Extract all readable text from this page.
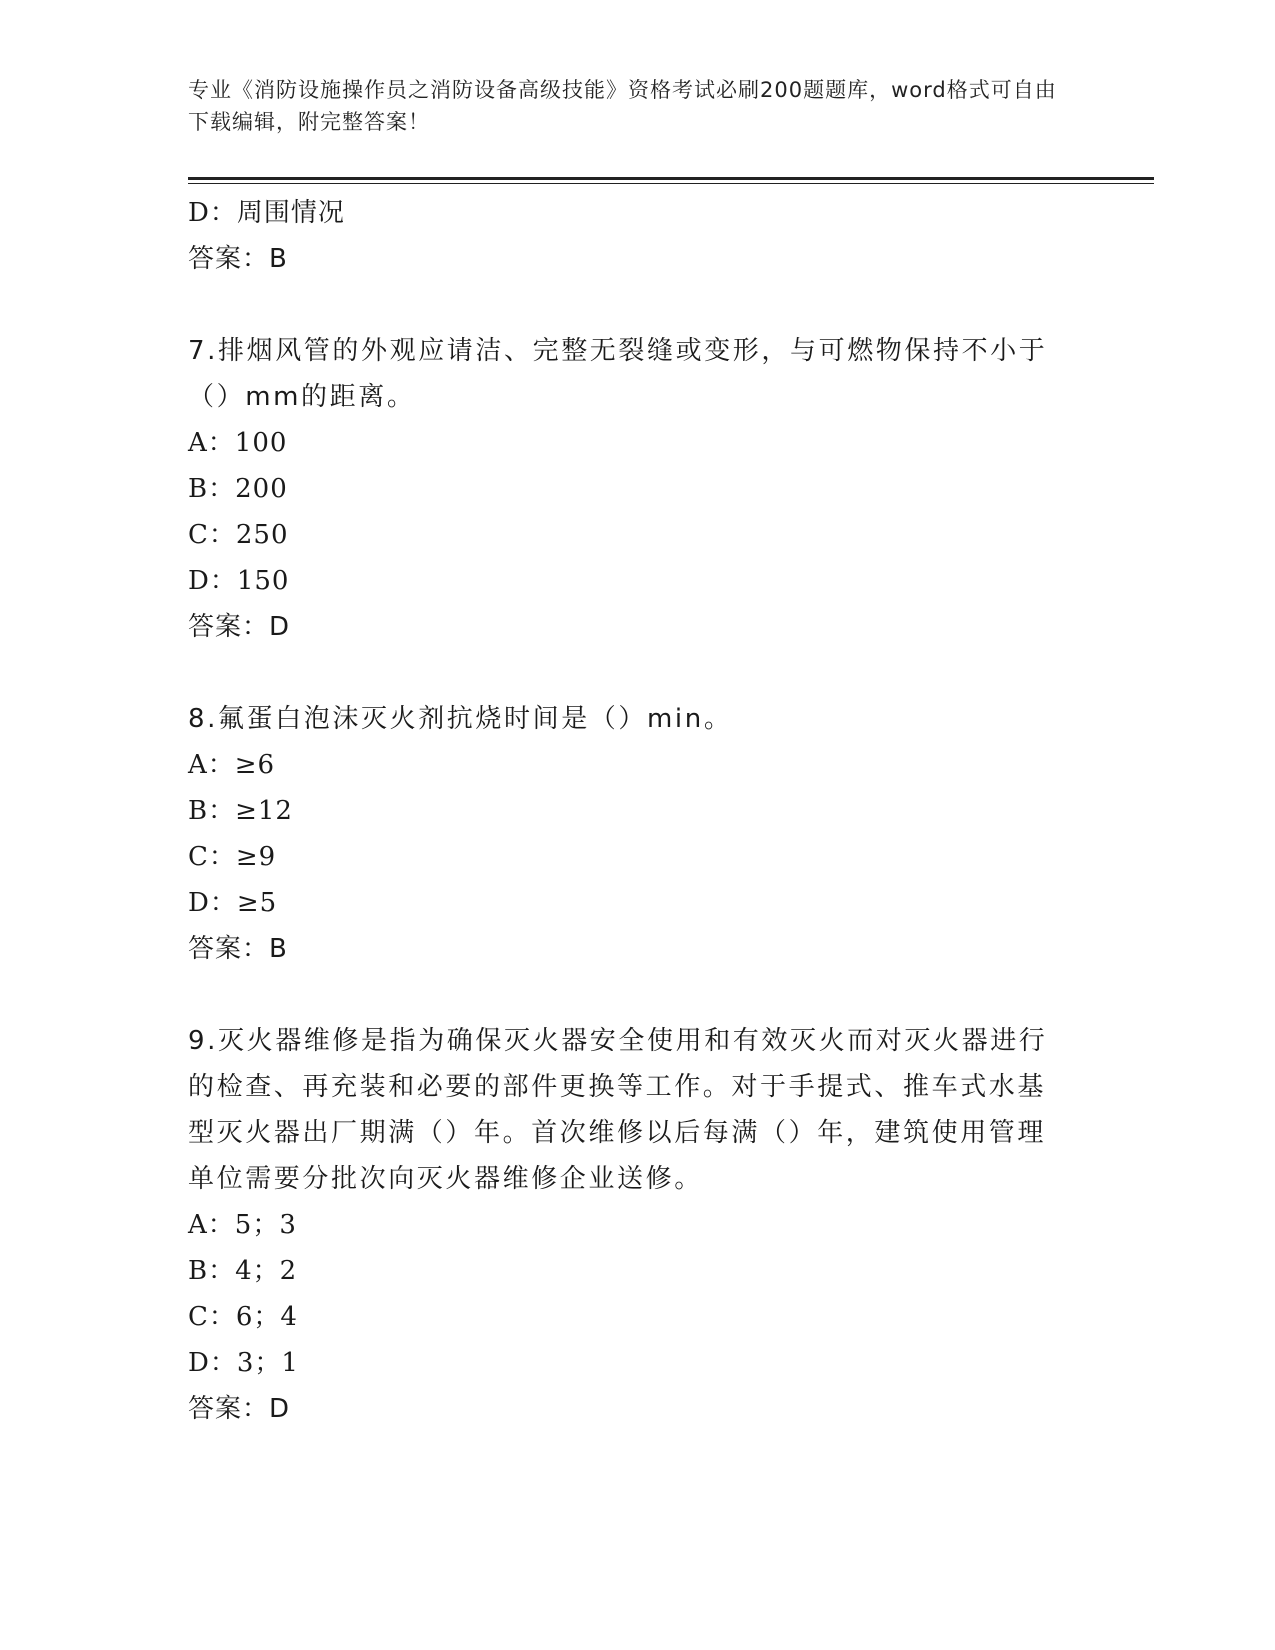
专业《消防设施操作员之消防设备高级技能》资格考试必刷200题题库，word格式可自由下载编辑，附完整答案！
D：周围情况
答案：B
7.排烟风管的外观应请洁、完整无裂缝或变形，与可燃物保持不小于（）mm的距离。
A：100
B：200
C：250
D：150
答案：D
8.氟蛋白泡沫灭火剂抗烧时间是（）min。
A：≥6
B：≥12
C：≥9
D：≥5
答案：B
9.灭火器维修是指为确保灭火器安全使用和有效灭火而对灭火器进行的检查、再充装和必要的部件更换等工作。对于手提式、推车式水基型灭火器出厂期满（）年。首次维修以后每满（）年，建筑使用管理单位需要分批次向灭火器维修企业送修。
A：5；3
B：4；2
C：6；4
D：3；1
答案：D
